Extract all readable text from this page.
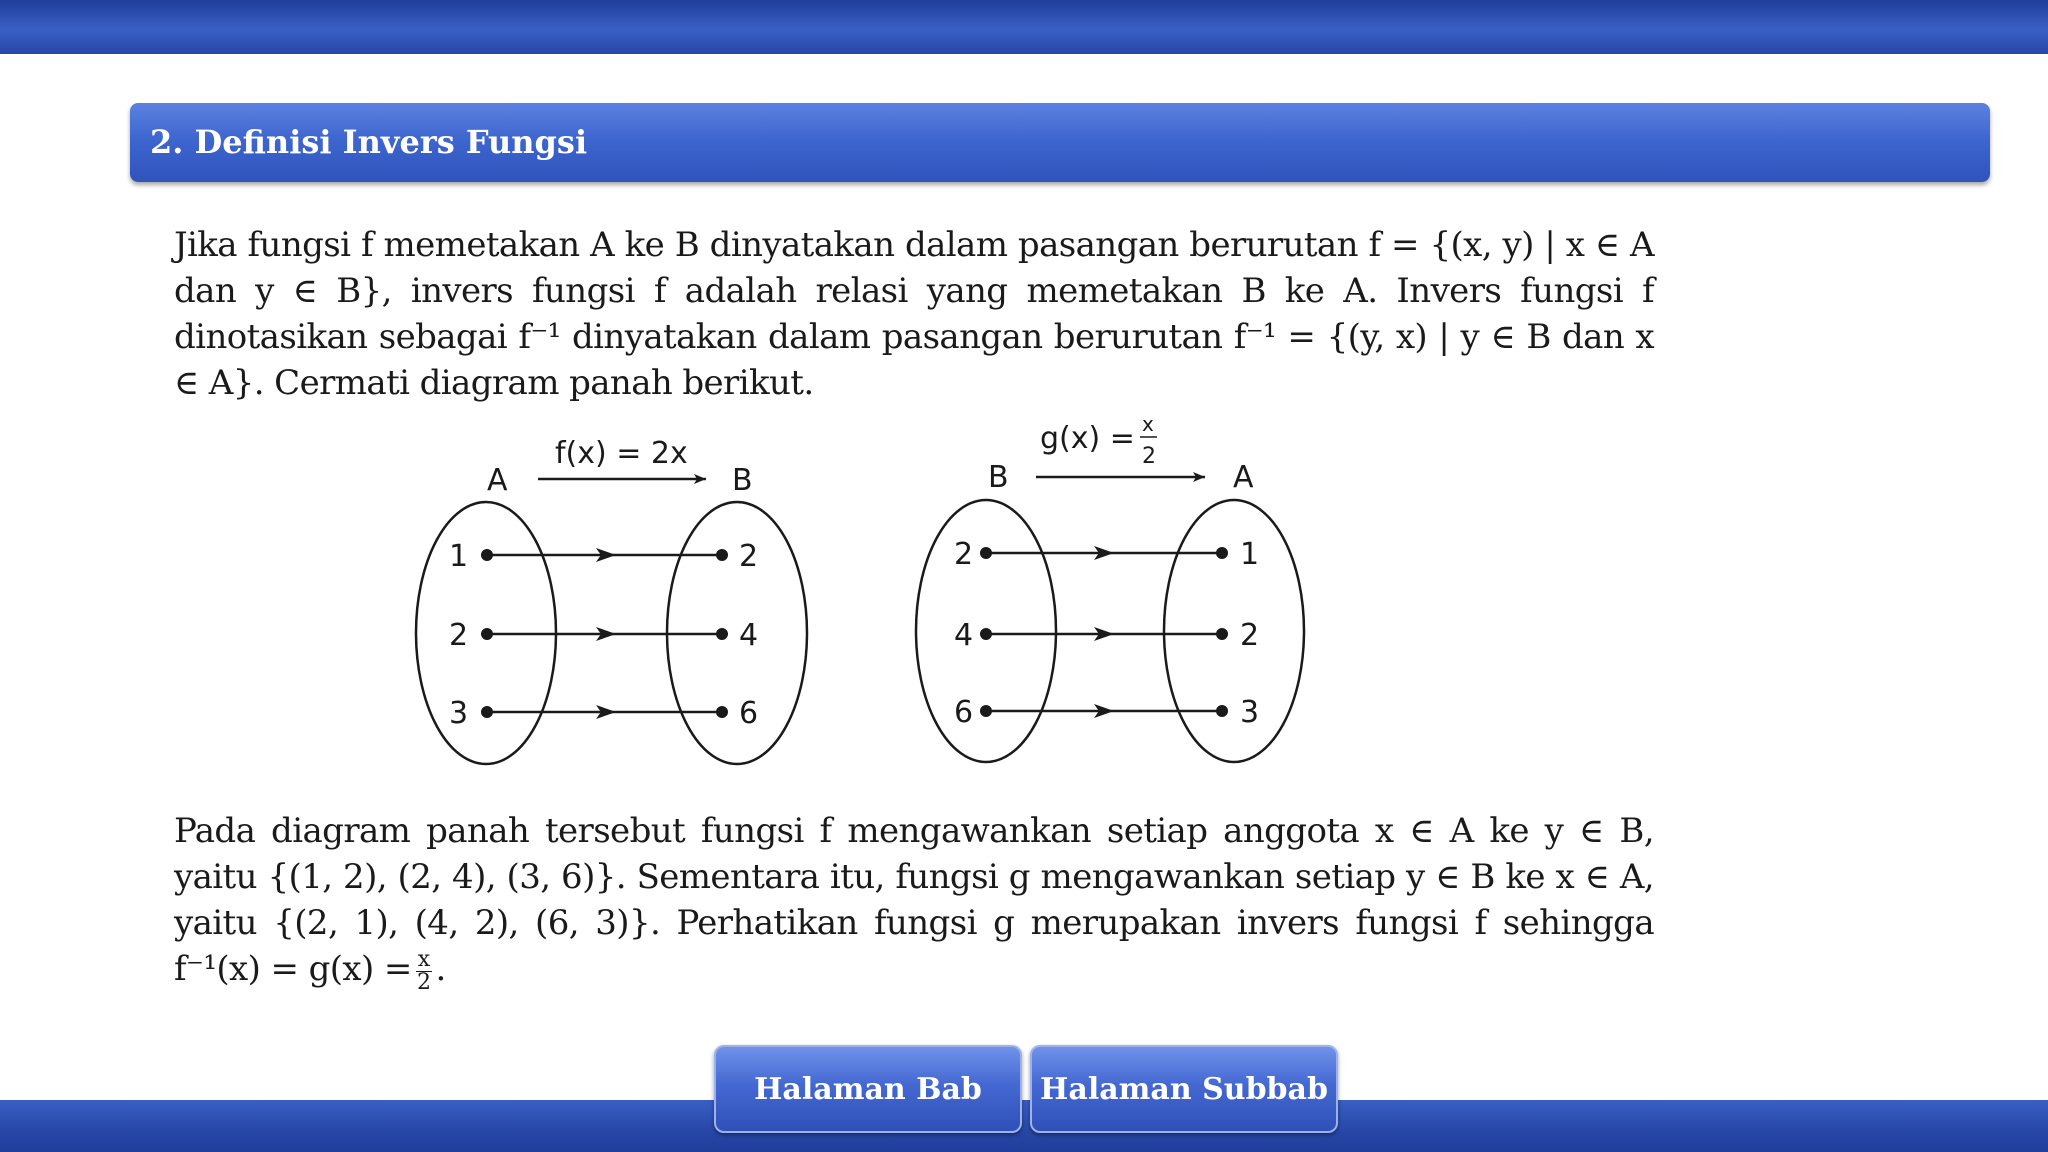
2. Definisi Invers Fungsi
Jika fungsi f memetakan A ke B dinyatakan dalam pasangan berurutan f = {(x, y) | x ∈ A dan y ∈ B}, invers fungsi f adalah relasi yang memetakan B ke A. Invers fungsi f dinotasikan sebagai f⁻¹ dinyatakan dalam pasangan berurutan f⁻¹ = {(y, x) | y ∈ B dan x ∈ A}. Cermati diagram panah berikut.
f(x) = 2x
A	B
1
2
3
2
4
6
g(x) = x
2
B	A
2
4
6
1
2
3
Pada diagram panah tersebut fungsi f mengawankan setiap anggota x ∈ A ke y ∈ B, yaitu {(1, 2), (2, 4), (3, 6)}. Sementara itu, fungsi g mengawankan setiap y ∈ B ke x ∈ A, yaitu {(2, 1), (4, 2), (6, 3)}. Perhatikan fungsi g merupakan invers fungsi f sehingga $f^{-1}(x) = g(x) = \frac{x}{2}$ .
Halaman Bab	Halaman Subbab
